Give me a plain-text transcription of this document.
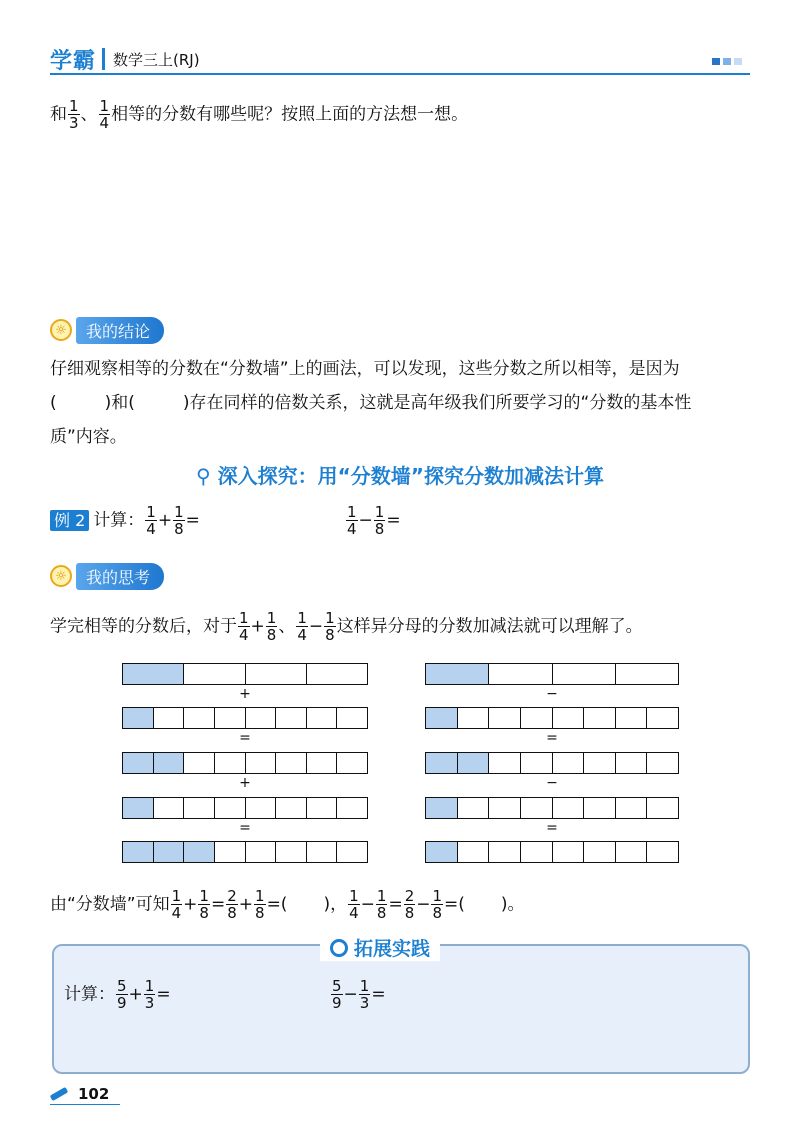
学霸 数学三上(RJ)
和 $\frac{1}{3}$ 、 $\frac{1}{4}$ 相等的分数有哪些呢？按照上面的方法想一想。
☼	我的结论
仔细观察相等的分数在“分数墙”上的画法，可以发现，这些分数之所以相等，是因为
(	)和(	)存在同样的倍数关系，这就是高年级我们所要学习的“分数的基本性
质”内容。
⚲ 深入探究：用“分数墙”探究分数加减法计算
例 2 计算： $\frac{1}{4} + \frac{1}{8}$ =	$\frac{1}{4} - \frac{1}{8}$ =
☼	我的思考
学完相等的分数后，对于 $\frac{1}{4} + \frac{1}{8}$ 、 $\frac{1}{4} - \frac{1}{8}$ 这样异分母的分数加减法就可以理解了。
+
=
+
=
−
=
−
=
由“分数墙”可知 $\frac{1}{4} + \frac{1}{8} = \frac{2}{8} + \frac{1}{8}$ =( )， $\frac{1}{4} - \frac{1}{8} = \frac{2}{8} - \frac{1}{8}$ =( )。
拓展实践
计算： $\frac{5}{9} + \frac{1}{3}$ =	$\frac{5}{9} - \frac{1}{3}$ =
102
